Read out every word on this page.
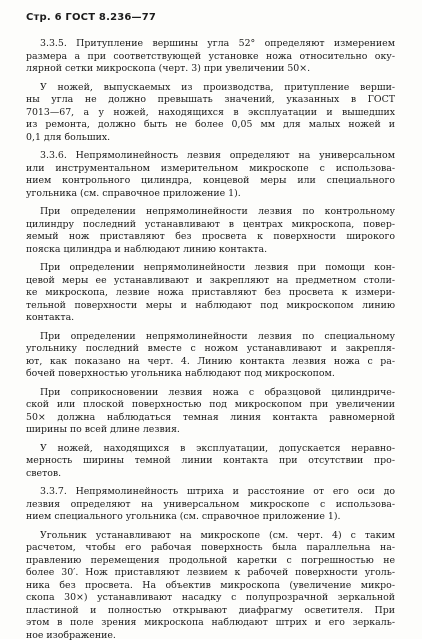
Стр. 6 ГОСТ 8.236—77
3.3.5. Притупление вершины угла 52° определяют измерением
размера a при соответствующей установке ножа относительно оку-
лярной сетки микроскопа (черт. 3) при увеличении 50×.
У ножей, выпускаемых из производства, притупление верши-
ны угла не должно превышать значений, указанных в ГОСТ
7013—67, а у ножей, находящихся в эксплуатации и вышедших
из ремонта, должно быть не более 0,05 мм для малых ножей и
0,1 для больших.
3.3.6. Непрямолинейность лезвия определяют на универсальном
или инструментальном измерительном микроскопе с использова-
нием контрольного цилиндра, концевой меры или специального
угольника (см. справочное приложение 1).
При определении непрямолинейности лезвия по контрольному
цилиндру последний устанавливают в центрах микроскопа, повер-
яемый нож приставляют без просвета к поверхности широкого
пояска цилиндра и наблюдают линию контакта.
При определении непрямолинейности лезвия при помощи кон-
цевой меры ее устанавливают и закрепляют на предметном столи-
ке микроскопа, лезвие ножа приставляют без просвета к измери-
тельной поверхности меры и наблюдают под микроскопом линию
контакта.
При определении непрямолинейности лезвия по специальному
угольнику последний вместе с ножом устанавливают и закрепля-
ют, как показано на черт. 4. Линию контакта лезвия ножа с ра-
бочей поверхностью угольника наблюдают под микроскопом.
При соприкосновении лезвия ножа с образцовой цилиндриче-
ской или плоской поверхностью под микроскопом при увеличении
50× должна наблюдаться темная линия контакта равномерной
ширины по всей длине лезвия.
У ножей, находящихся в эксплуатации, допускается неравно-
мерность ширины темной линии контакта при отсутствии про-
светов.
3.3.7. Непрямолинейность штриха и расстояние от его оси до
лезвия определяют на универсальном микроскопе с использова-
нием специального угольника (см. справочное приложение 1).
Угольник устанавливают на микроскопе (см. черт. 4) с таким
расчетом, чтобы его рабочая поверхность была параллельна на-
правлению перемещения продольной каретки с погрешностью не
более 30′. Нож приставляют лезвием к рабочей поверхности уголь-
ника без просвета. На объектив микроскопа (увеличение микро-
скопа 30×) устанавливают насадку с полупрозрачной зеркальной
пластиной и полностью открывают диафрагму осветителя. При
этом в поле зрения микроскопа наблюдают штрих и его зеркаль-
ное изображение.
